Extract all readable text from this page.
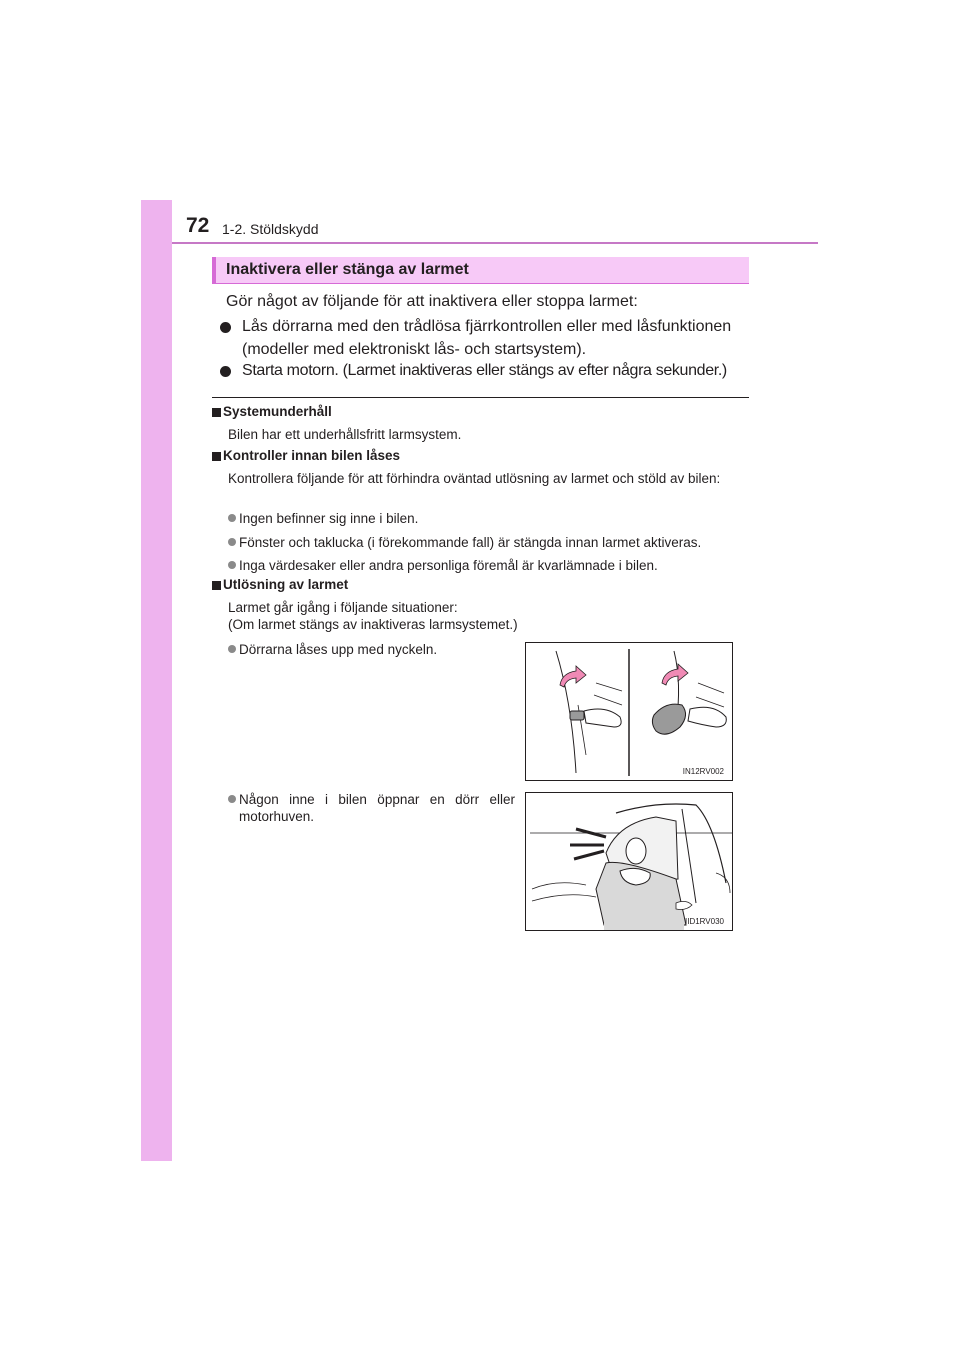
72 1-2. Stöldskydd
Inaktivera eller stänga av larmet
Gör något av följande för att inaktivera eller stoppa larmet:
Lås dörrarna med den trådlösa fjärrkontrollen eller med låsfunktionen
(modeller med elektroniskt lås- och startsystem).
Starta motorn. (Larmet inaktiveras eller stängs av efter några sekunder.)
Systemunderhåll
Bilen har ett underhållsfritt larmsystem.
Kontroller innan bilen låses
Kontrollera följande för att förhindra oväntad utlösning av larmet och stöld av bilen:
Ingen befinner sig inne i bilen.
Fönster och taklucka (i förekommande fall) är stängda innan larmet aktiveras.
Inga värdesaker eller andra personliga föremål är kvarlämnade i bilen.
Utlösning av larmet
Larmet går igång i följande situationer:
(Om larmet stängs av inaktiveras larmsystemet.)
Dörrarna låses upp med nyckeln.
IN12RV002
Någon inne i bilen öppnar en dörr eller motorhuven.
IID1RV030
